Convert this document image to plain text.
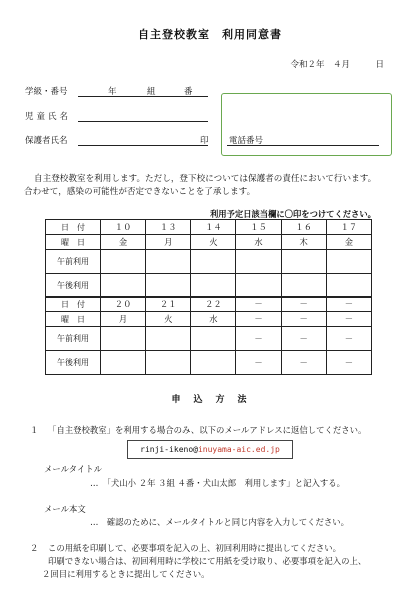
自主登校教室　利用同意書
令和２年　４月　　　日
学級・番号	年	組	番
児童氏名
保護者氏名	印 電話番号
自主登校教室を利用します。ただし，登下校については保護者の責任において行います。
合わせて，感染の可能性が否定できないことを了承します。
利用予定日該当欄に〇印をつけてください。
日　付	１０	１３	１４	１５	１６	１７
曜　日	金	月	火	水	木	金
午前利用						
午後利用						
日　付	２０	２１	２２	－	－	－
曜　日	月	火	水	－	－	－
午前利用				－	－	－
午後利用				－	－	－
申　込　方　法
１ 「自主登校教室」を利用する場合のみ、以下のメールアドレスに返信してください。
rinji-ikeno@inuyama-aic.ed.jp
メールタイトル
…　「犬山小 ２年 ３組 ４番・犬山太郎　利用します」と記入する。
メール本文
…　確認のために、メールタイトルと同じ内容を入力してください。
２ この用紙を印刷して、必要事項を記入の上、初回利用時に提出してください。
印刷できない場合は、初回利用時に学校にて用紙を受け取り、必要事項を記入の上、
２回目に利用するときに提出してください。
